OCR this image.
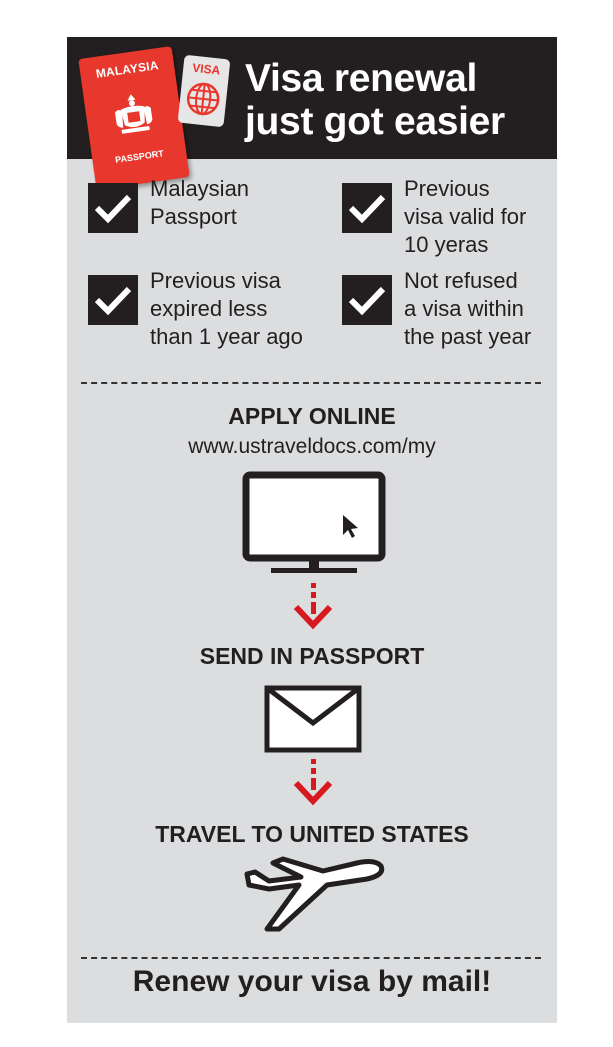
MALAYSIA
PASSPORT
VISA Visa renewal
just got easier
Malaysian
Passport
Previous
visa valid for
10 yeras
Previous visa
expired less
than 1 year ago
Not refused
a visa within
the past year
APPLY ONLINE
www.ustraveldocs.com/my
SEND IN PASSPORT
TRAVEL TO UNITED STATES
Renew your visa by mail!
